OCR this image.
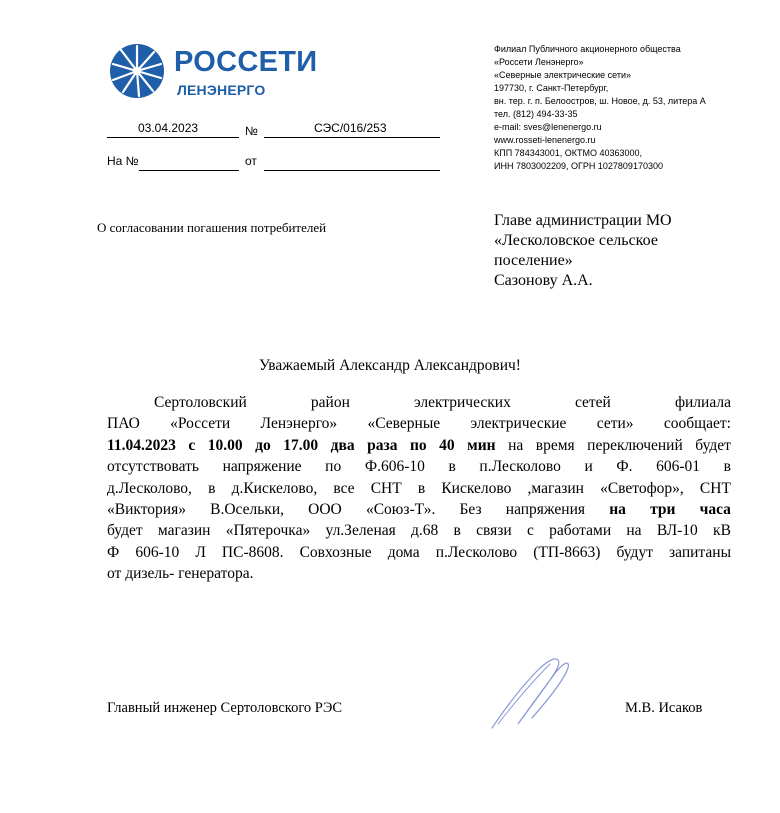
РОССЕТИ
ЛЕНЭНЕРГО
03.04.2023	№	СЭС/016/253
На №	от
Филиал Публичного акционерного общества
«Россети Ленэнерго»
«Северные электрические сети»
197730, г. Санкт-Петербург,
вн. тер. г. п. Белоостров, ш. Новое, д. 53, литера А
тел. (812) 494-33-35
e-mail: sves@lenenergo.ru
www.rosseti-lenenergo.ru
КПП 784343001, ОКТМО 40363000,
ИНН 7803002209, ОГРН 1027809170300
О согласовании погашения потребителей	Главе администрации МО
«Лесколовское сельское
поселение»
Сазонову А.А.
Уважаемый Александр Александрович!
Сертоловский	район	электрических	сетей	филиала
ПАО «Россети Ленэнерго» «Северные электрические сети» сообщает:
11.04.2023 с 10.00 до 17.00 два раза по 40 мин на время переключений будет
отсутствовать напряжение по Ф.606-10 в п.Лесколово и Ф. 606-01 в
д.Лесколово, в д.Кискелово, все СНТ в Кискелово ,магазин «Светофор», СНТ
«Виктория» В.Осельки, ООО «Союз-Т». Без напряжения на три часа
будет магазин «Пятерочка» ул.Зеленая д.68 в связи с работами на ВЛ-10 кВ
Ф 606-10 Л ПС-8608. Совхозные дома п.Лесколово (ТП-8663) будут запитаны
от дизель- генератора.
Главный инженер Сертоловского РЭС	М.В. Исаков
